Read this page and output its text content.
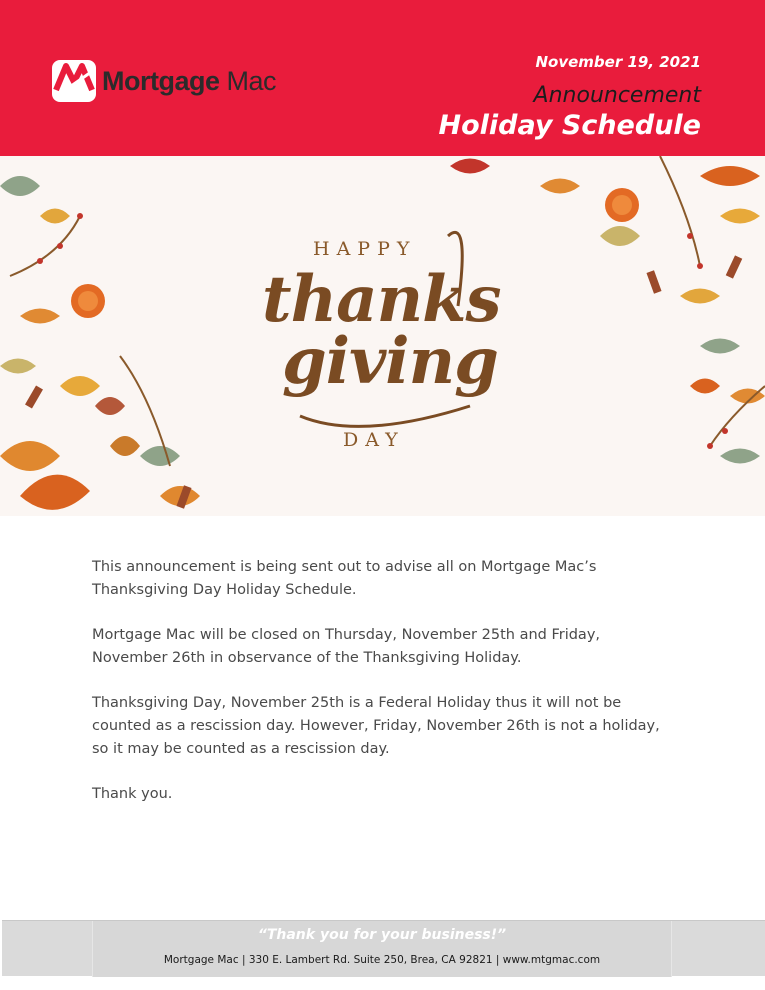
Mortgage Mac
November 19, 2021
Announcement
Holiday Schedule
HAPPY
thanks
giving
DAY

This announcement is being sent out to advise all on Mortgage Mac’s Thanksgiving Day Holiday Schedule.

Mortgage Mac will be closed on Thursday, November 25th and Friday, November 26th in observance of the Thanksgiving Holiday.

Thanksgiving Day, November 25th is a Federal Holiday thus it will not be counted as a rescission day. However, Friday, November 26th is not a holiday, so it may be counted as a rescission day.

Thank you.

“Thank you for your business!”
Mortgage Mac | 330 E. Lambert Rd. Suite 250, Brea, CA 92821 | www.mtgmac.com
